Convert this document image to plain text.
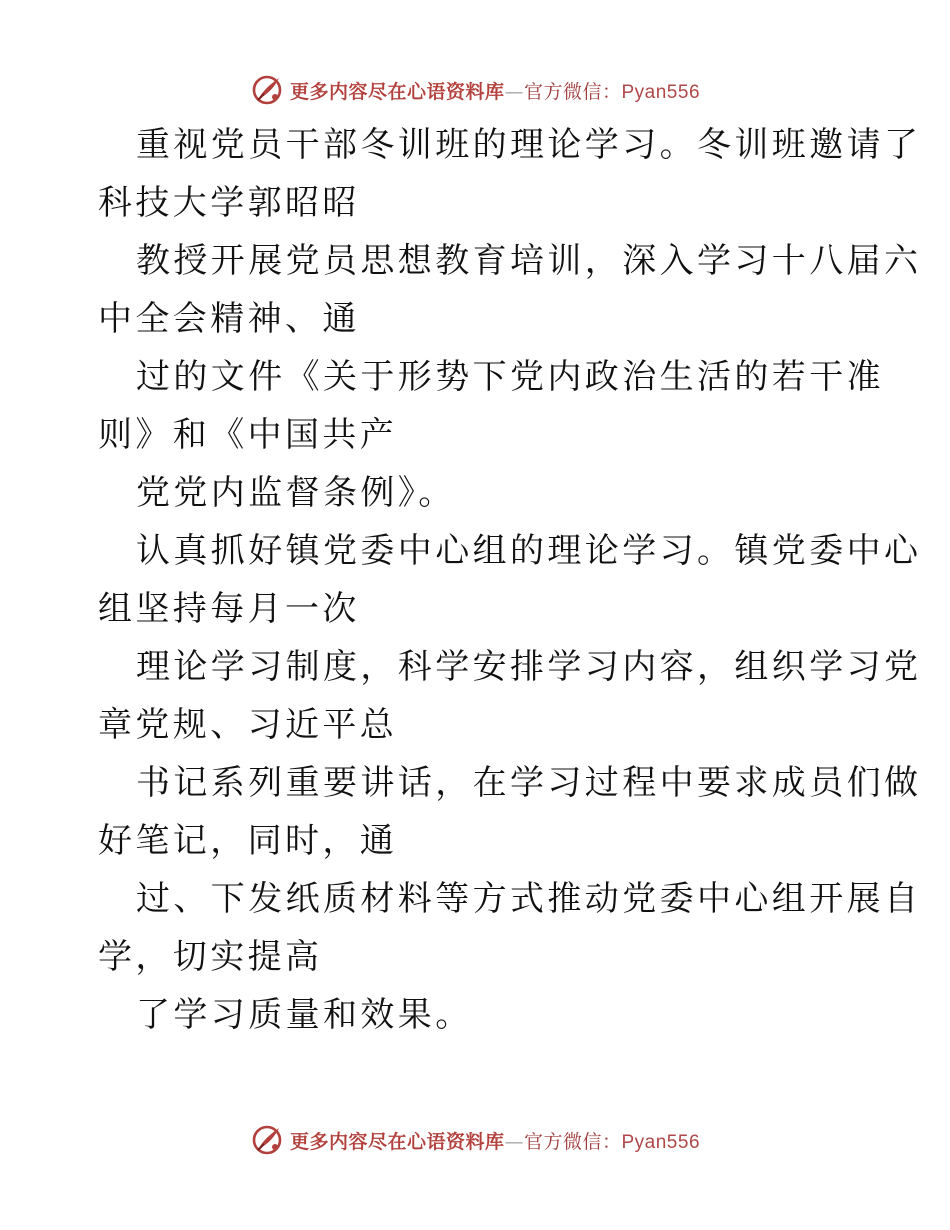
更多内容尽在心语资料库—官方微信：Pyan556
重视党员干部冬训班的理论学习。冬训班邀请了
科技大学郭昭昭
教授开展党员思想教育培训，深入学习十八届六
中全会精神、通
过的文件《关于形势下党内政治生活的若干准
则》和《中国共产
党党内监督条例》。
认真抓好镇党委中心组的理论学习。镇党委中心
组坚持每月一次
理论学习制度，科学安排学习内容，组织学习党
章党规、习近平总
书记系列重要讲话，在学习过程中要求成员们做
好笔记，同时，通
过、下发纸质材料等方式推动党委中心组开展自
学，切实提高
了学习质量和效果。
更多内容尽在心语资料库—官方微信：Pyan556
